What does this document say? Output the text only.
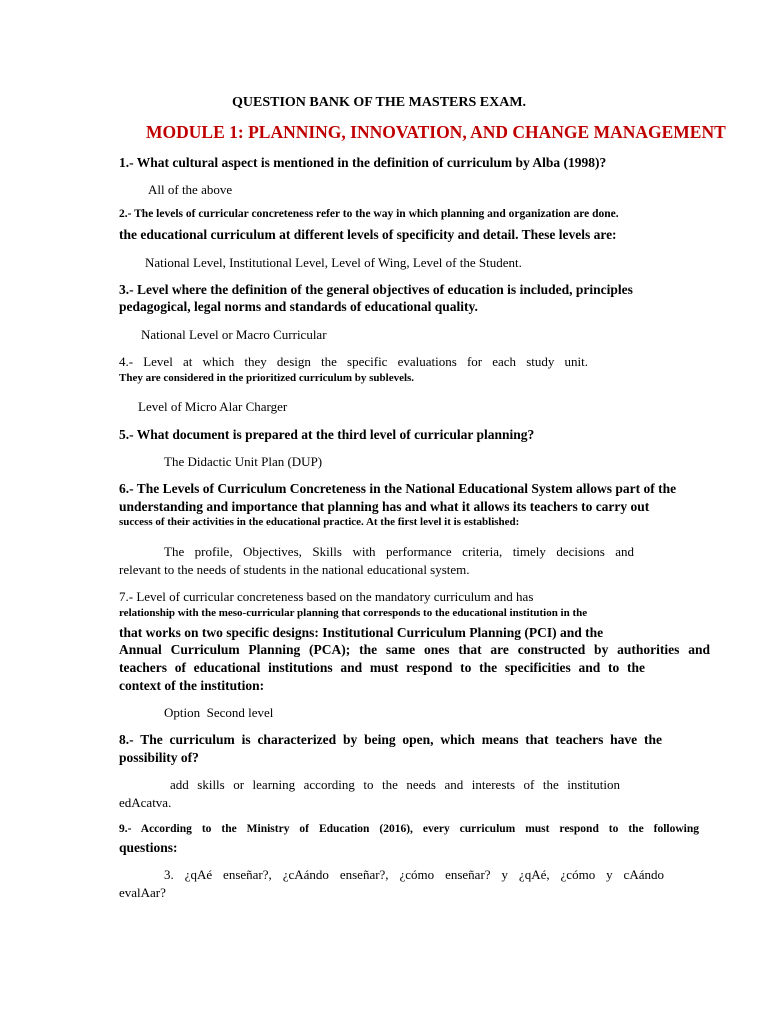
QUESTION BANK OF THE MASTERS EXAM.
MODULE 1: PLANNING, INNOVATION, AND CHANGE MANAGEMENT
1.- What cultural aspect is mentioned in the definition of curriculum by Alba (1998)?
All of the above
2.- The levels of curricular concreteness refer to the way in which planning and organization are done.
the educational curriculum at different levels of specificity and detail. These levels are:
National Level, Institutional Level, Level of Wing, Level of the Student.
3.- Level where the definition of the general objectives of education is included, principles
pedagogical, legal norms and standards of educational quality.
National Level or Macro Curricular
4.- Level at which they design the specific evaluations for each study unit.
They are considered in the prioritized curriculum by sublevels.
Level of Micro Alar Charger
5.- What document is prepared at the third level of curricular planning?
The Didactic Unit Plan (DUP)
6.- The Levels of Curriculum Concreteness in the National Educational System allows part of the
understanding and importance that planning has and what it allows its teachers to carry out
success of their activities in the educational practice. At the first level it is established:
The profile, Objectives, Skills with performance criteria, timely decisions and
relevant to the needs of students in the national educational system.
7.- Level of curricular concreteness based on the mandatory curriculum and has
relationship with the meso-curricular planning that corresponds to the educational institution in the
that works on two specific designs: Institutional Curriculum Planning (PCI) and the
Annual Curriculum Planning (PCA); the same ones that are constructed by authorities and
teachers of educational institutions and must respond to the specificities and to the
context of the institution:
Option  Second level
8.- The curriculum is characterized by being open, which means that teachers have the
possibility of?
add skills or learning according to the needs and interests of the institution
edAcatva.
9.- According to the Ministry of Education (2016), every curriculum must respond to the following
questions:
3. ¿qAé enseñar?, ¿cAándo enseñar?, ¿cómo enseñar? y ¿qAé, ¿cómo y cAándo
evalAar?
